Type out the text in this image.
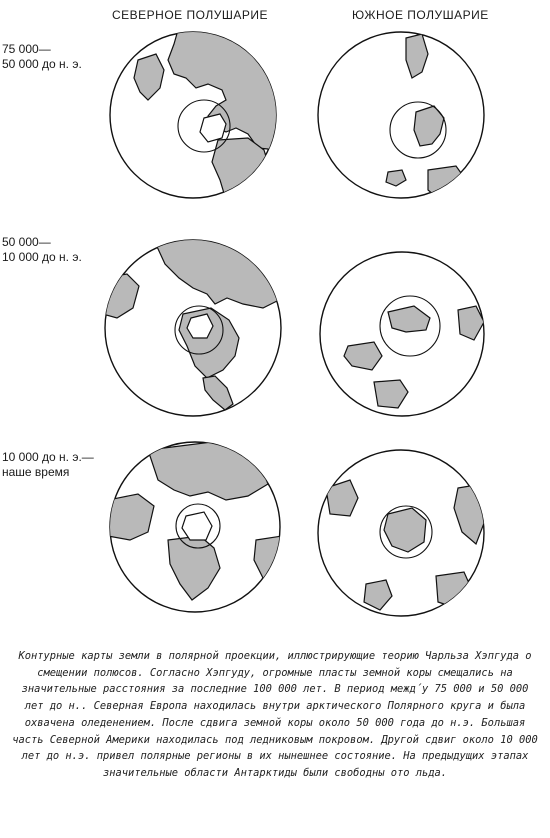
СЕВЕРНОЕ ПОЛУШАРИЕ	ЮЖНОЕ ПОЛУШАРИЕ
75 000—
50 000 до н. э.
50 000—
10 000 до н. э.
10 000 до н. э.—
наше время
Контурные карты земли в полярной проекции, иллюстрирующие теорию Чарльза Хэпгуда о смещении полюсов. Согласно Хэпгуду, огромные пласты земной коры смещались на значительные расстояния за последние 100 000 лет. В период межд́у 75 000 и 50 000 лет до н.. Северная Европа находилась внутри арктического Полярного круга и была охвачена оледенением. После сдвига земной коры около 50 000 года до н.э. Большая часть Северной Америки находилась под ледниковым покровом. Другой сдвиг около 10 000 лет до н.э. привел полярные регионы в их нынешнее состояние. На предыдущих этапах значительные области Антарктиды были свободны ото льда.
